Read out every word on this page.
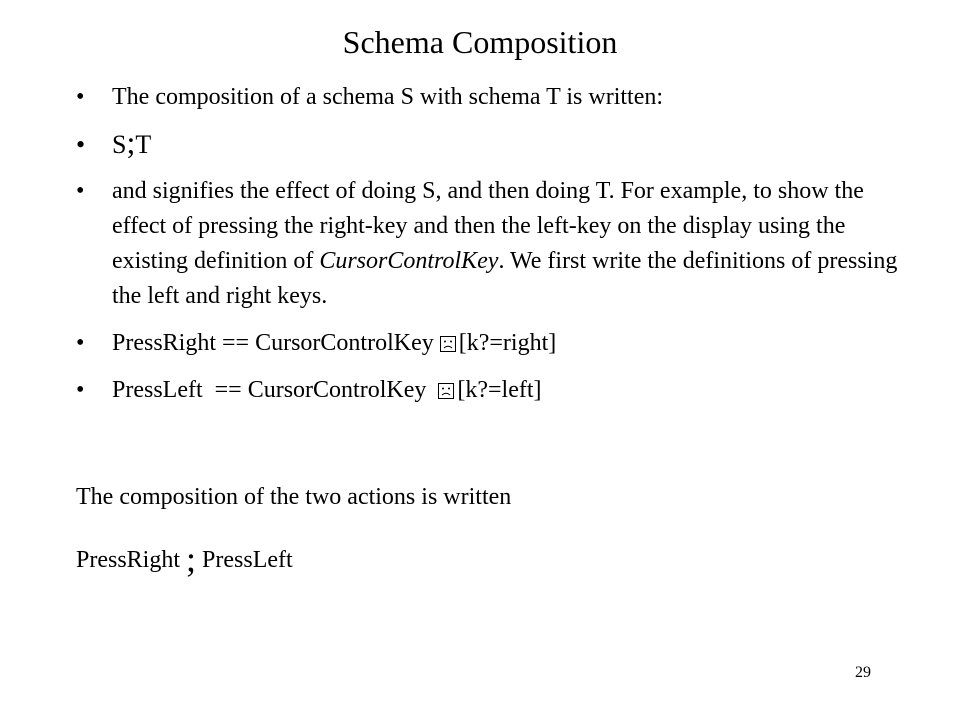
Schema Composition
• The composition of a schema S with schema T is written:
• S;T
• and signifies the effect of doing S, and then doing T. For example, to show the effect of pressing the right-key and then the left-key on the display using the existing definition of CursorControlKey. We first write the definitions of pressing the left and right keys.
• PressRight == CursorControlKey [k?=right]
• PressLeft  == CursorControlKey  [k?=left]
The composition of the two actions is written
PressRight ; PressLeft
29
